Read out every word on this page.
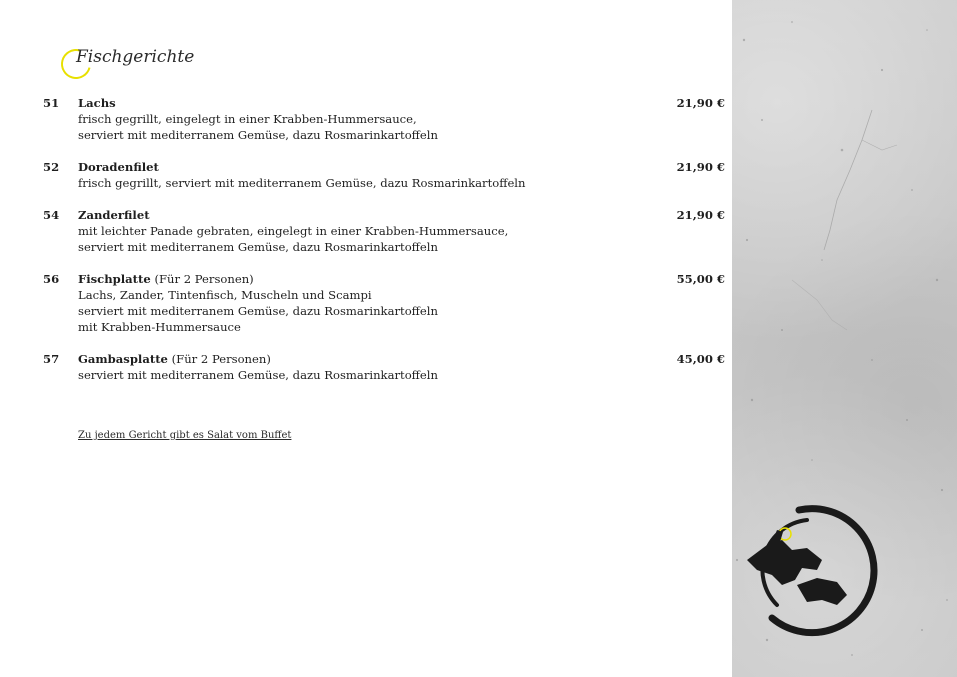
Fischgerichte
51 Lachs
frisch gegrillt, eingelegt in einer Krabben-Hummersauce,
serviert mit mediterranem Gemüse, dazu Rosmarinkartoffeln
21,90 €
52 Doradenfilet
frisch gegrillt, serviert mit mediterranem Gemüse, dazu Rosmarinkartoffeln
21,90 €
54 Zanderfilet
mit leichter Panade gebraten, eingelegt in einer Krabben-Hummersauce,
serviert mit mediterranem Gemüse, dazu Rosmarinkartoffeln
21,90 €
56 Fischplatte (Für 2 Personen)
Lachs, Zander, Tintenfisch, Muscheln und Scampi
serviert mit mediterranem Gemüse, dazu Rosmarinkartoffeln
mit Krabben-Hummersauce
55,00 €
57 Gambasplatte (Für 2 Personen)
serviert mit mediterranem Gemüse, dazu Rosmarinkartoffeln
45,00 €
Zu jedem Gericht gibt es Salat vom Buffet
